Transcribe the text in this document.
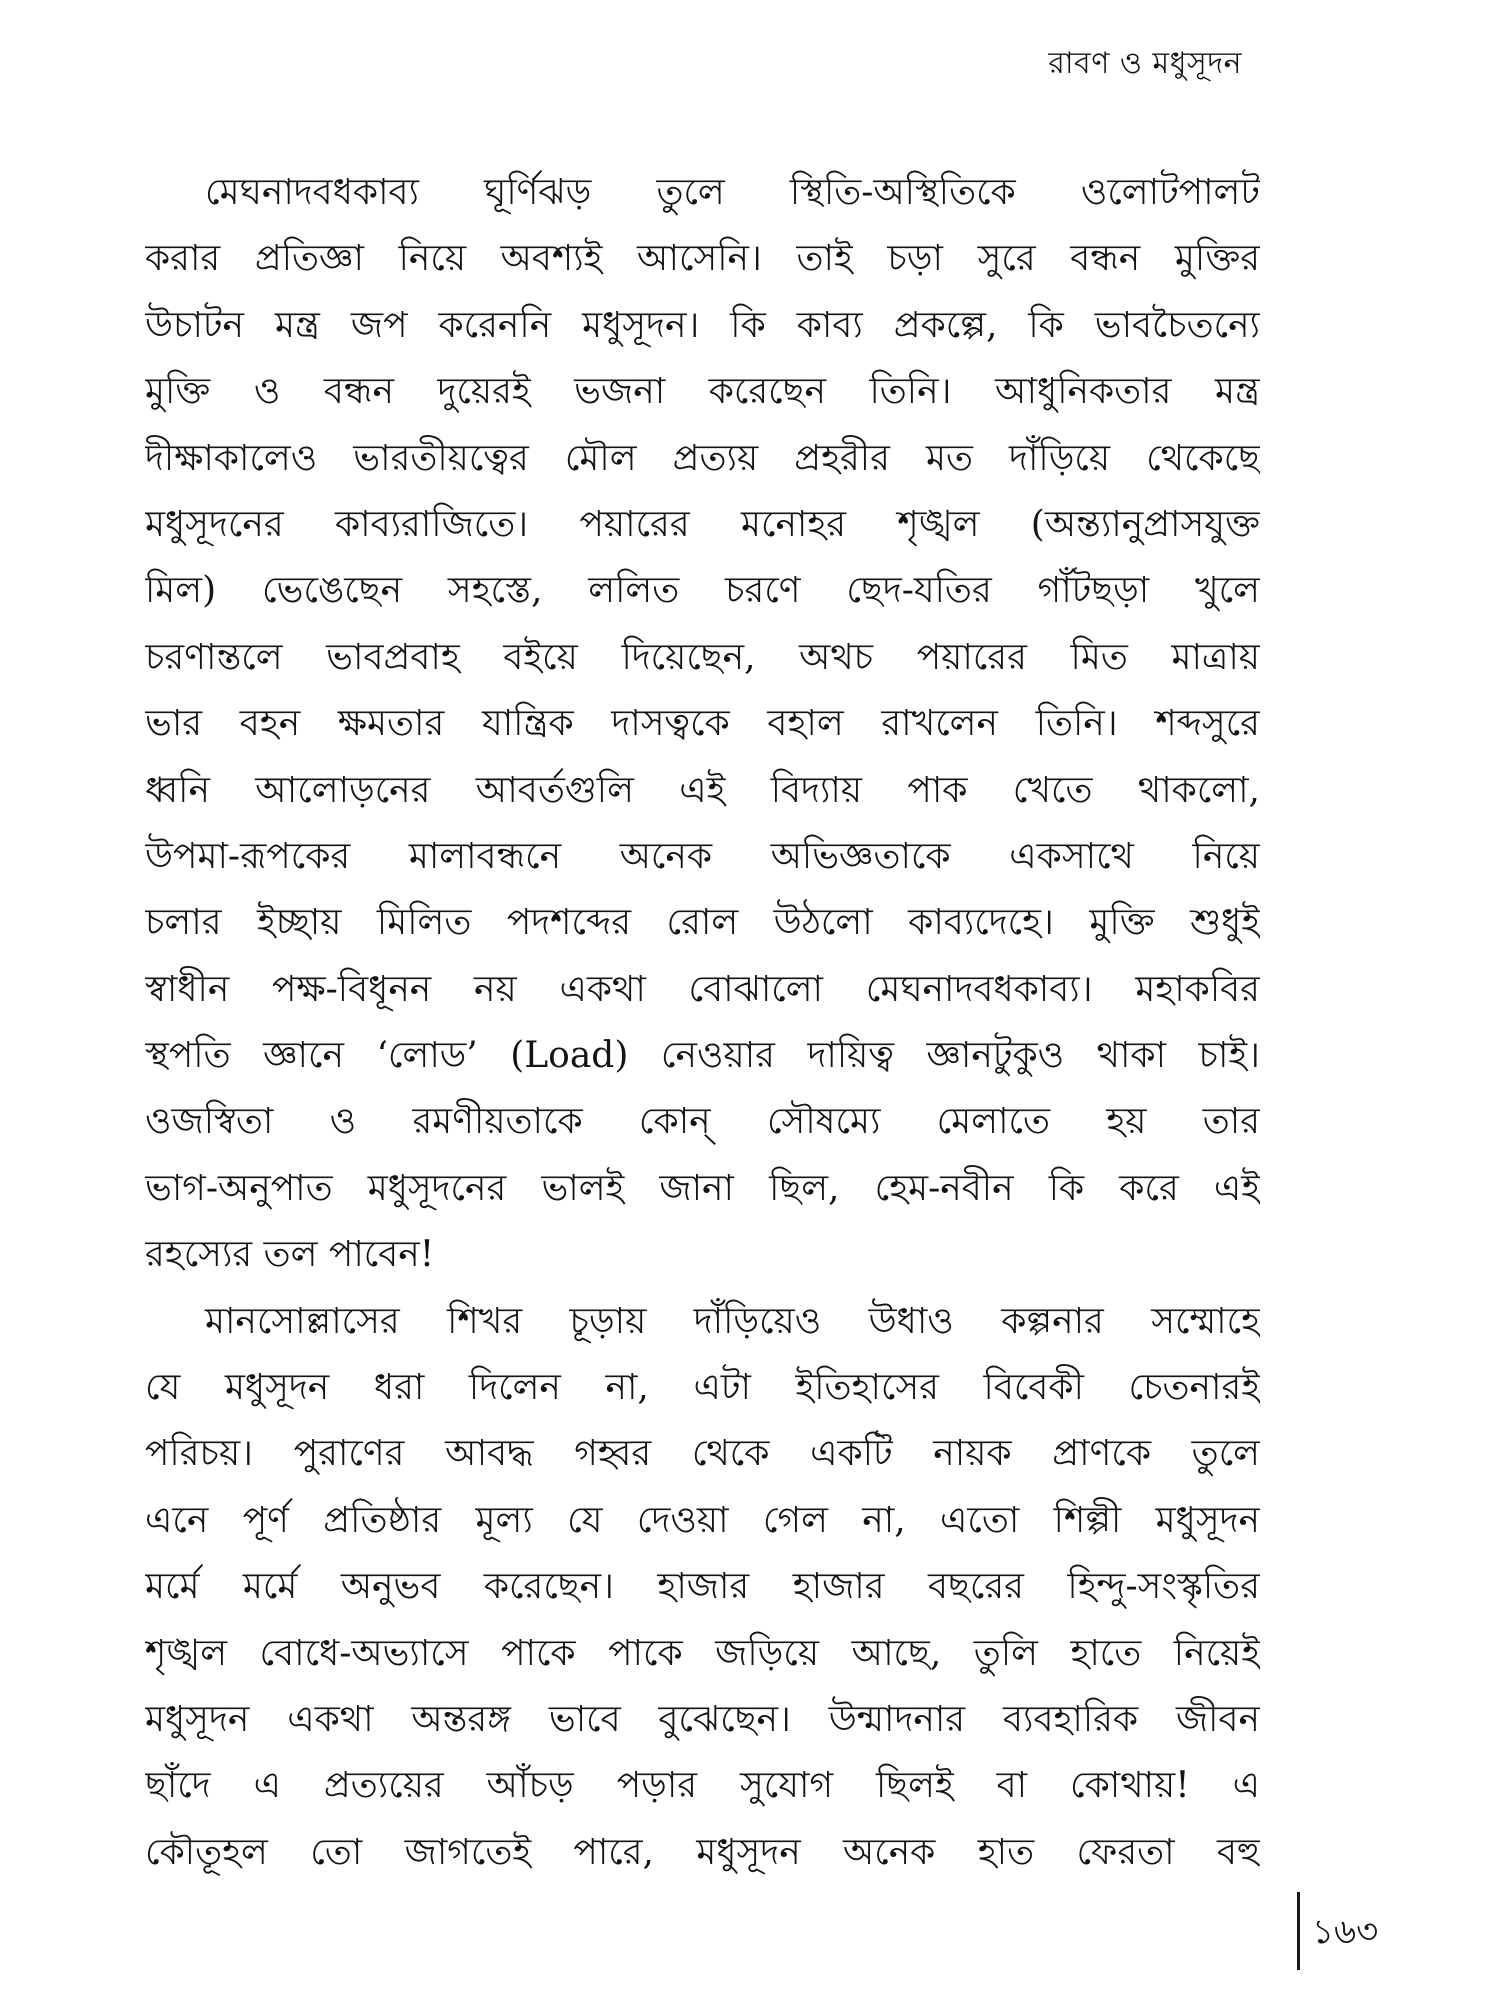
রাবণ ও মধুসূদন
মেঘনাদবধকাব্য ঘূর্ণিঝড় তুলে স্থিতি-অস্থিতিকে ওলোটপালট
করার প্রতিজ্ঞা নিয়ে অবশ্যই আসেনি। তাই চড়া সুরে বন্ধন মুক্তির
উচাটন মন্ত্র জপ করেননি মধুসূদন। কি কাব্য প্রকল্পে, কি ভাবচৈতন্যে
মুক্তি ও বন্ধন দুয়েরই ভজনা করেছেন তিনি। আধুনিকতার মন্ত্র
দীক্ষাকালেও ভারতীয়ত্বের মৌল প্রত্যয় প্রহরীর মত দাঁড়িয়ে থেকেছে
মধুসূদনের কাব্যরাজিতে। পয়ারের মনোহর শৃঙ্খল (অন্ত্যানুপ্রাসযুক্ত
মিল) ভেঙেছেন সহস্তে, ললিত চরণে ছেদ-যতির গাঁটছড়া খুলে
চরণান্তলে ভাবপ্রবাহ বইয়ে দিয়েছেন, অথচ পয়ারের মিত মাত্রায়
ভার বহন ক্ষমতার যান্ত্রিক দাসত্বকে বহাল রাখলেন তিনি। শব্দসুরে
ধ্বনি আলোড়নের আবর্তগুলি এই বিদ্যায় পাক খেতে থাকলো,
উপমা-রূপকের মালাবন্ধনে অনেক অভিজ্ঞতাকে একসাথে নিয়ে
চলার ইচ্ছায় মিলিত পদশব্দের রোল উঠলো কাব্যদেহে। মুক্তি শুধুই
স্বাধীন পক্ষ-বিধূনন নয় একথা বোঝালো মেঘনাদবধকাব্য। মহাকবির
স্থপতি জ্ঞানে ‘লোড’ (Load) নেওয়ার দায়িত্ব জ্ঞানটুকুও থাকা চাই।
ওজস্বিতা ও রমণীয়তাকে কোন্ সৌষম্যে মেলাতে হয় তার
ভাগ-অনুপাত মধুসূদনের ভালই জানা ছিল, হেম-নবীন কি করে এই
রহস্যের তল পাবেন!
মানসোল্লাসের শিখর চূড়ায় দাঁড়িয়েও উধাও কল্পনার সম্মোহে
যে মধুসূদন ধরা দিলেন না, এটা ইতিহাসের বিবেকী চেতনারই
পরিচয়। পুরাণের আবদ্ধ গহ্বর থেকে একটি নায়ক প্রাণকে তুলে
এনে পূর্ণ প্রতিষ্ঠার মূল্য যে দেওয়া গেল না, এতো শিল্পী মধুসূদন
মর্মে মর্মে অনুভব করেছেন। হাজার হাজার বছরের হিন্দু-সংস্কৃতির
শৃঙ্খল বোধে-অভ্যাসে পাকে পাকে জড়িয়ে আছে, তুলি হাতে নিয়েই
মধুসূদন একথা অন্তরঙ্গ ভাবে বুঝেছেন। উন্মাদনার ব্যবহারিক জীবন
ছাঁদে এ প্রত্যয়ের আঁচড় পড়ার সুযোগ ছিলই বা কোথায়! এ
কৌতূহল তো জাগতেই পারে, মধুসূদন অনেক হাত ফেরতা বহু
১৬৩
